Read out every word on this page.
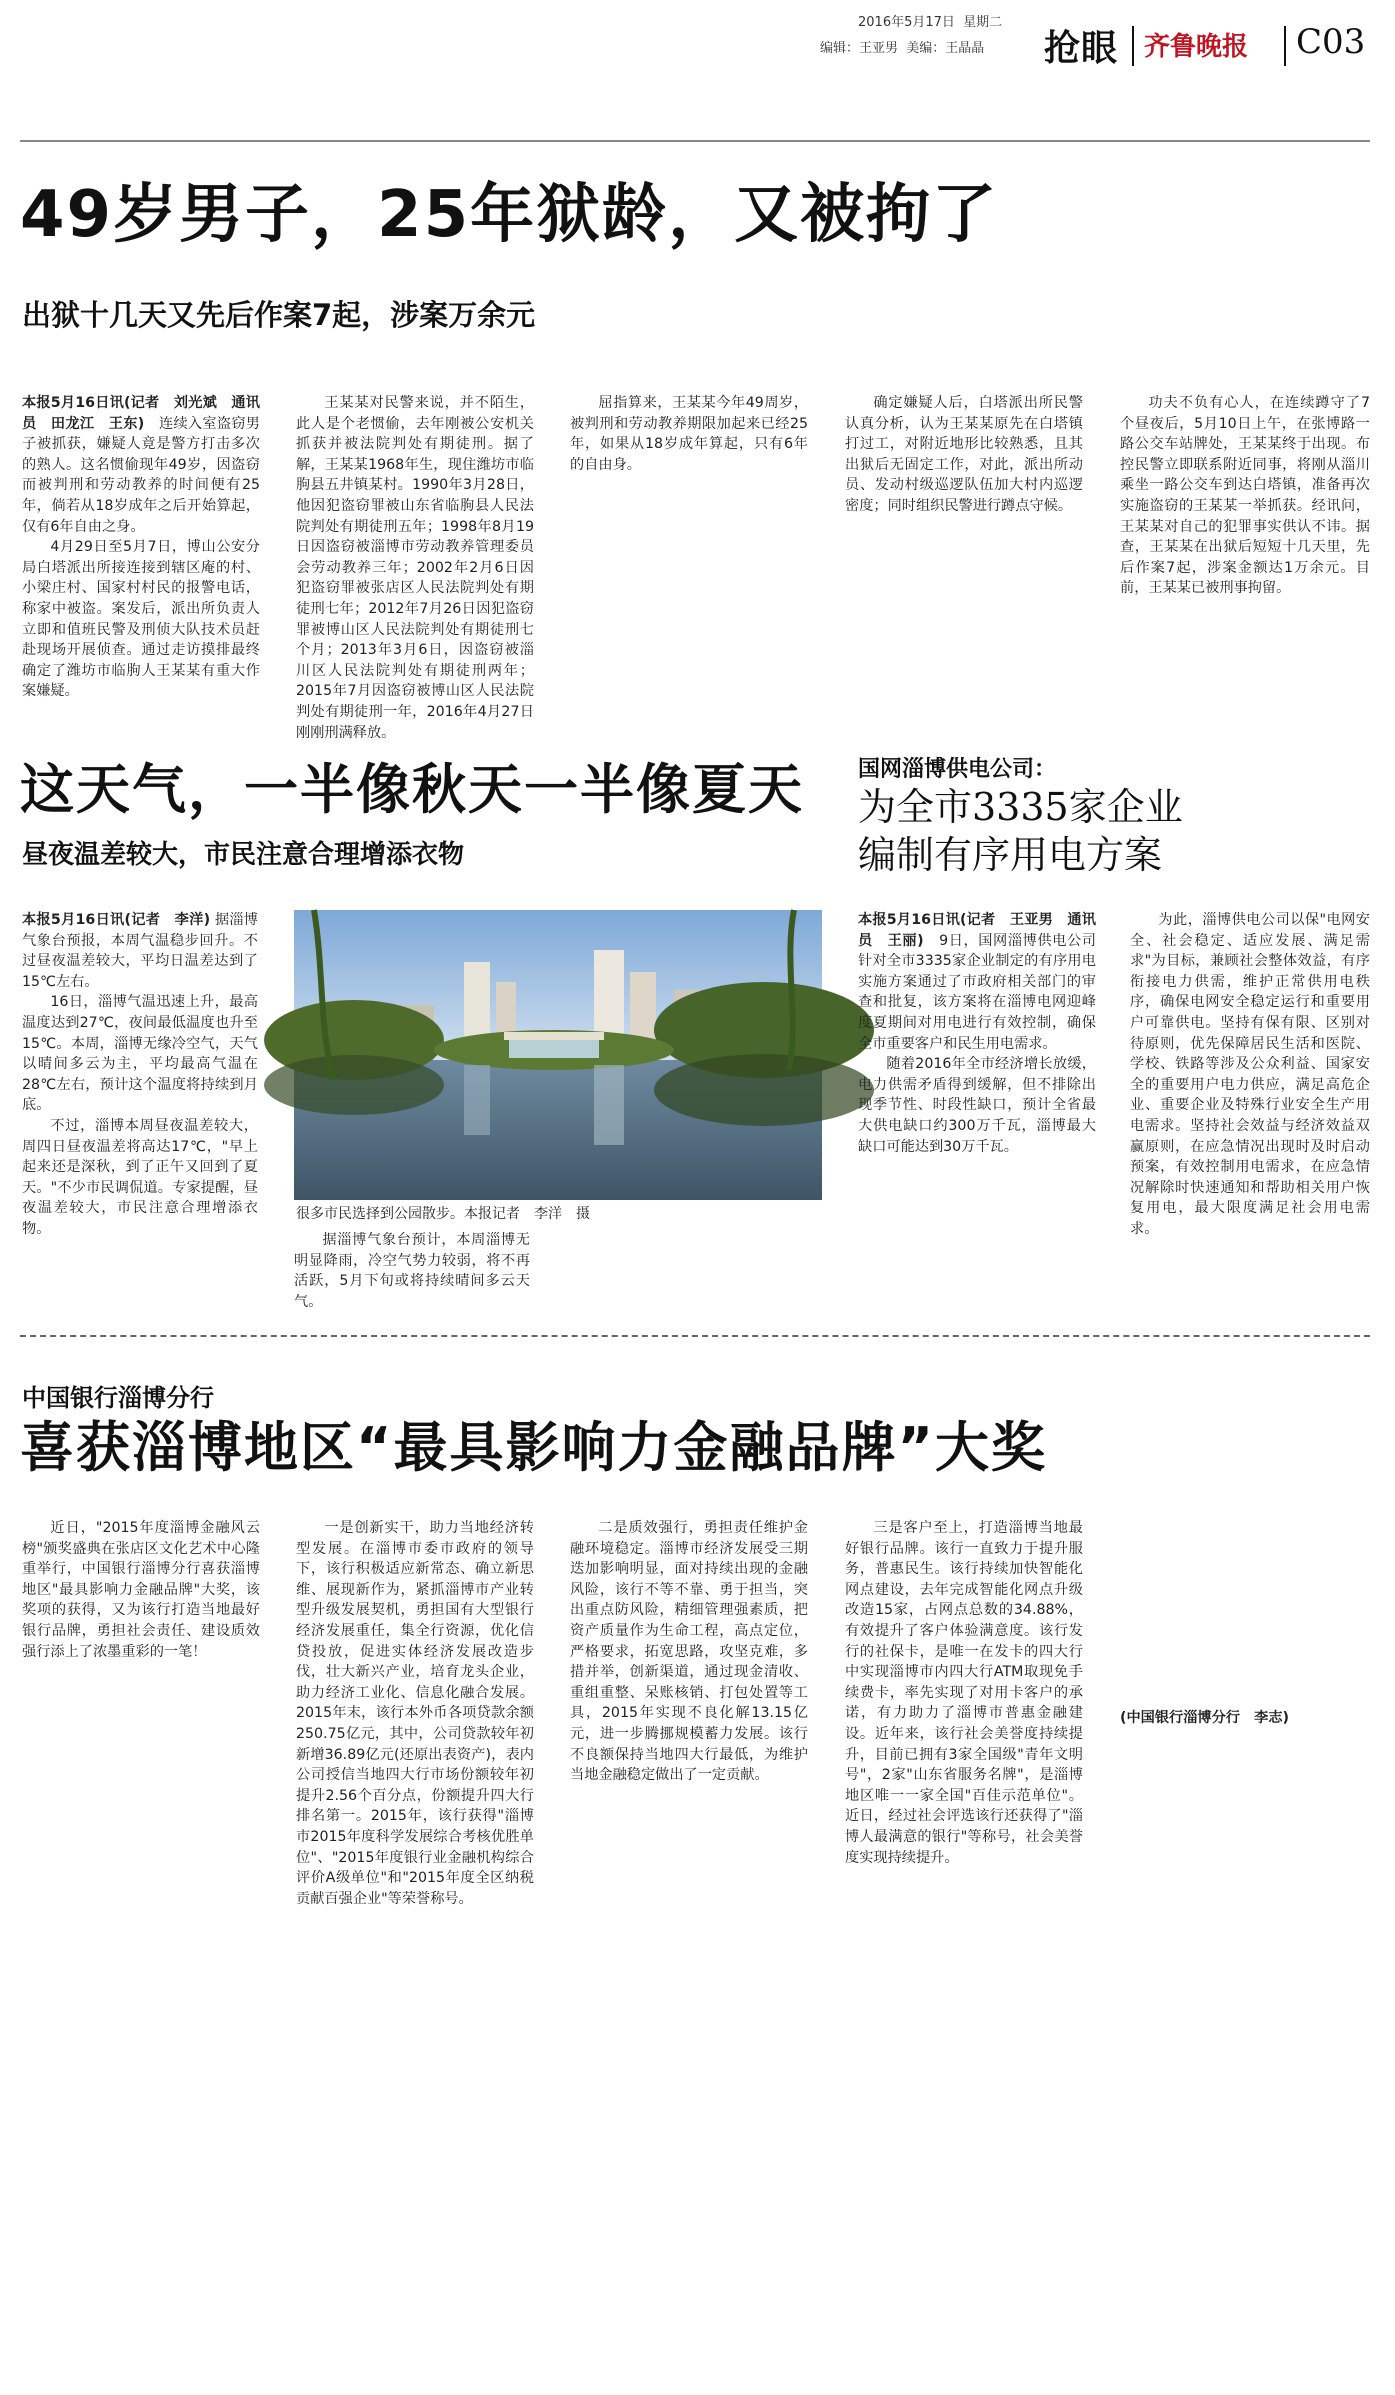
2016年5月17日 星期二
编辑：王亚男 美编：王晶晶 抢眼 齐鲁晚报 C03
49岁男子，25年狱龄，又被拘了
出狱十几天又先后作案7起，涉案万余元

本报5月16日讯(记者　刘光斌　通讯员　田龙江　王东)　 连续入室盗窃男子被抓获，嫌疑人竟是警方打击多次的熟人。这名惯偷现年49岁，因盗窃而被判刑和劳动教养的时间便有25年，倘若从18岁成年之后开始算起，仅有6年自由之身。

4月29日至5月7日，博山公安分局白塔派出所接连接到辖区庵的村、小梁庄村、国家村村民的报警电话，称家中被盗。案发后，派出所负责人立即和值班民警及刑侦大队技术员赶赴现场开展侦查。通过走访摸排最终确定了潍坊市临朐人王某某有重大作案嫌疑。

王某某对民警来说，并不陌生，此人是个老惯偷，去年刚被公安机关抓获并被法院判处有期徒刑。据了解，王某某1968年生，现住潍坊市临朐县五井镇某村。1990年3月28日，他因犯盗窃罪被山东省临朐县人民法院判处有期徒刑五年；1998年8月19日因盗窃被淄博市劳动教养管理委员会劳动教养三年；2002年2月6日因犯盗窃罪被张店区人民法院判处有期徒刑七年；2012年7月26日因犯盗窃罪被博山区人民法院判处有期徒刑七个月；2013年3月6日，因盗窃被淄川区人民法院判处有期徒刑两年；2015年7月因盗窃被博山区人民法院判处有期徒刑一年，2016年4月27日刚刚刑满释放。

屈指算来，王某某今年49周岁，被判刑和劳动教养期限加起来已经25年，如果从18岁成年算起，只有6年的自由身。

确定嫌疑人后，白塔派出所民警认真分析，认为王某某原先在白塔镇打过工，对附近地形比较熟悉，且其出狱后无固定工作，对此，派出所动员、发动村级巡逻队伍加大村内巡逻密度；同时组织民警进行蹲点守候。

功夫不负有心人，在连续蹲守了7个昼夜后，5月10日上午，在张博路一路公交车站牌处，王某某终于出现。布控民警立即联系附近同事，将刚从淄川乘坐一路公交车到达白塔镇，准备再次实施盗窃的王某某一举抓获。经讯问，王某某对自己的犯罪事实供认不讳。据查，王某某在出狱后短短十几天里，先后作案7起，涉案金额达1万余元。目前，王某某已被刑事拘留。

这天气，一半像秋天一半像夏天
昼夜温差较大，市民注意合理增添衣物

本报5月16日讯(记者　李洋) 据淄博气象台预报，本周气温稳步回升。不过昼夜温差较大，平均日温差达到了15℃左右。

16日，淄博气温迅速上升，最高温度达到27℃，夜间最低温度也升至15℃。本周，淄博无缘冷空气，天气以晴间多云为主，平均最高气温在28℃左右，预计这个温度将持续到月底。

不过，淄博本周昼夜温差较大，周四日昼夜温差将高达17℃，"早上起来还是深秋，到了正午又回到了夏天。"不少市民调侃道。专家提醒，昼夜温差较大，市民注意合理增添衣物。

很多市民选择到公园散步。本报记者　李洋　摄

据淄博气象台预计，本周淄博无明显降雨，冷空气势力较弱，将不再活跃，5月下旬或将持续晴间多云天气。

国网淄博供电公司：
为全市3335家企业
编制有序用电方案

本报5月16日讯(记者　王亚男　通讯员　王丽)　 9日，国网淄博供电公司针对全市3335家企业制定的有序用电实施方案通过了市政府相关部门的审查和批复，该方案将在淄博电网迎峰度夏期间对用电进行有效控制，确保全市重要客户和民生用电需求。

随着2016年全市经济增长放缓，电力供需矛盾得到缓解，但不排除出现季节性、时段性缺口，预计全省最大供电缺口约300万千瓦，淄博最大缺口可能达到30万千瓦。

为此，淄博供电公司以保"电网安全、社会稳定、适应发展、满足需求"为目标，兼顾社会整体效益，有序衔接电力供需，维护正常供用电秩序，确保电网安全稳定运行和重要用户可靠供电。坚持有保有限、区别对待原则，优先保障居民生活和医院、学校、铁路等涉及公众利益、国家安全的重要用户电力供应，满足高危企业、重要企业及特殊行业安全生产用电需求。坚持社会效益与经济效益双赢原则，在应急情况出现时及时启动预案，有效控制用电需求，在应急情况解除时快速通知和帮助相关用户恢复用电，最大限度满足社会用电需求。

中国银行淄博分行
喜获淄博地区“最具影响力金融品牌”大奖

近日，"2015年度淄博金融风云榜"颁奖盛典在张店区文化艺术中心隆重举行，中国银行淄博分行喜获淄博地区"最具影响力金融品牌"大奖，该奖项的获得，又为该行打造当地最好银行品牌，勇担社会责任、建设质效强行添上了浓墨重彩的一笔！

一是创新实干，助力当地经济转型发展。在淄博市委市政府的领导下，该行积极适应新常态、确立新思维、展现新作为，紧抓淄博市产业转型升级发展契机，勇担国有大型银行经济发展重任，集全行资源，优化信贷投放，促进实体经济发展改造步伐，壮大新兴产业，培育龙头企业，助力经济工业化、信息化融合发展。2015年末，该行本外币各项贷款余额250.75亿元，其中，公司贷款较年初新增36.89亿元(还原出表资产)，表内公司授信当地四大行市场份额较年初提升2.56个百分点，份额提升四大行排名第一。2015年，该行获得"淄博市2015年度科学发展综合考核优胜单位"、"2015年度银行业金融机构综合评价A级单位"和"2015年度全区纳税贡献百强企业"等荣誉称号。

二是质效强行，勇担责任维护金融环境稳定。淄博市经济发展受三期迭加影响明显，面对持续出现的金融风险，该行不等不靠、勇于担当，突出重点防风险，精细管理强素质，把资产质量作为生命工程，高点定位，严格要求，拓宽思路，攻坚克难，多措并举，创新渠道，通过现金清收、重组重整、呆账核销、打包处置等工具，2015年实现不良化解13.15亿元，进一步腾挪规模蓄力发展。该行不良额保持当地四大行最低，为维护当地金融稳定做出了一定贡献。

三是客户至上，打造淄博当地最好银行品牌。该行一直致力于提升服务，普惠民生。该行持续加快智能化网点建设，去年完成智能化网点升级改造15家，占网点总数的34.88%，有效提升了客户体验满意度。该行发行的社保卡，是唯一在发卡的四大行中实现淄博市内四大行ATM取现免手续费卡，率先实现了对用卡客户的承诺，有力助力了淄博市普惠金融建设。近年来，该行社会美誉度持续提升，目前已拥有3家全国级"青年文明号"，2家"山东省服务名牌"，是淄博地区唯一一家全国"百佳示范单位"。近日，经过社会评选该行还获得了"淄博人最满意的银行"等称号，社会美誉度实现持续提升。

(中国银行淄博分行　李志)
